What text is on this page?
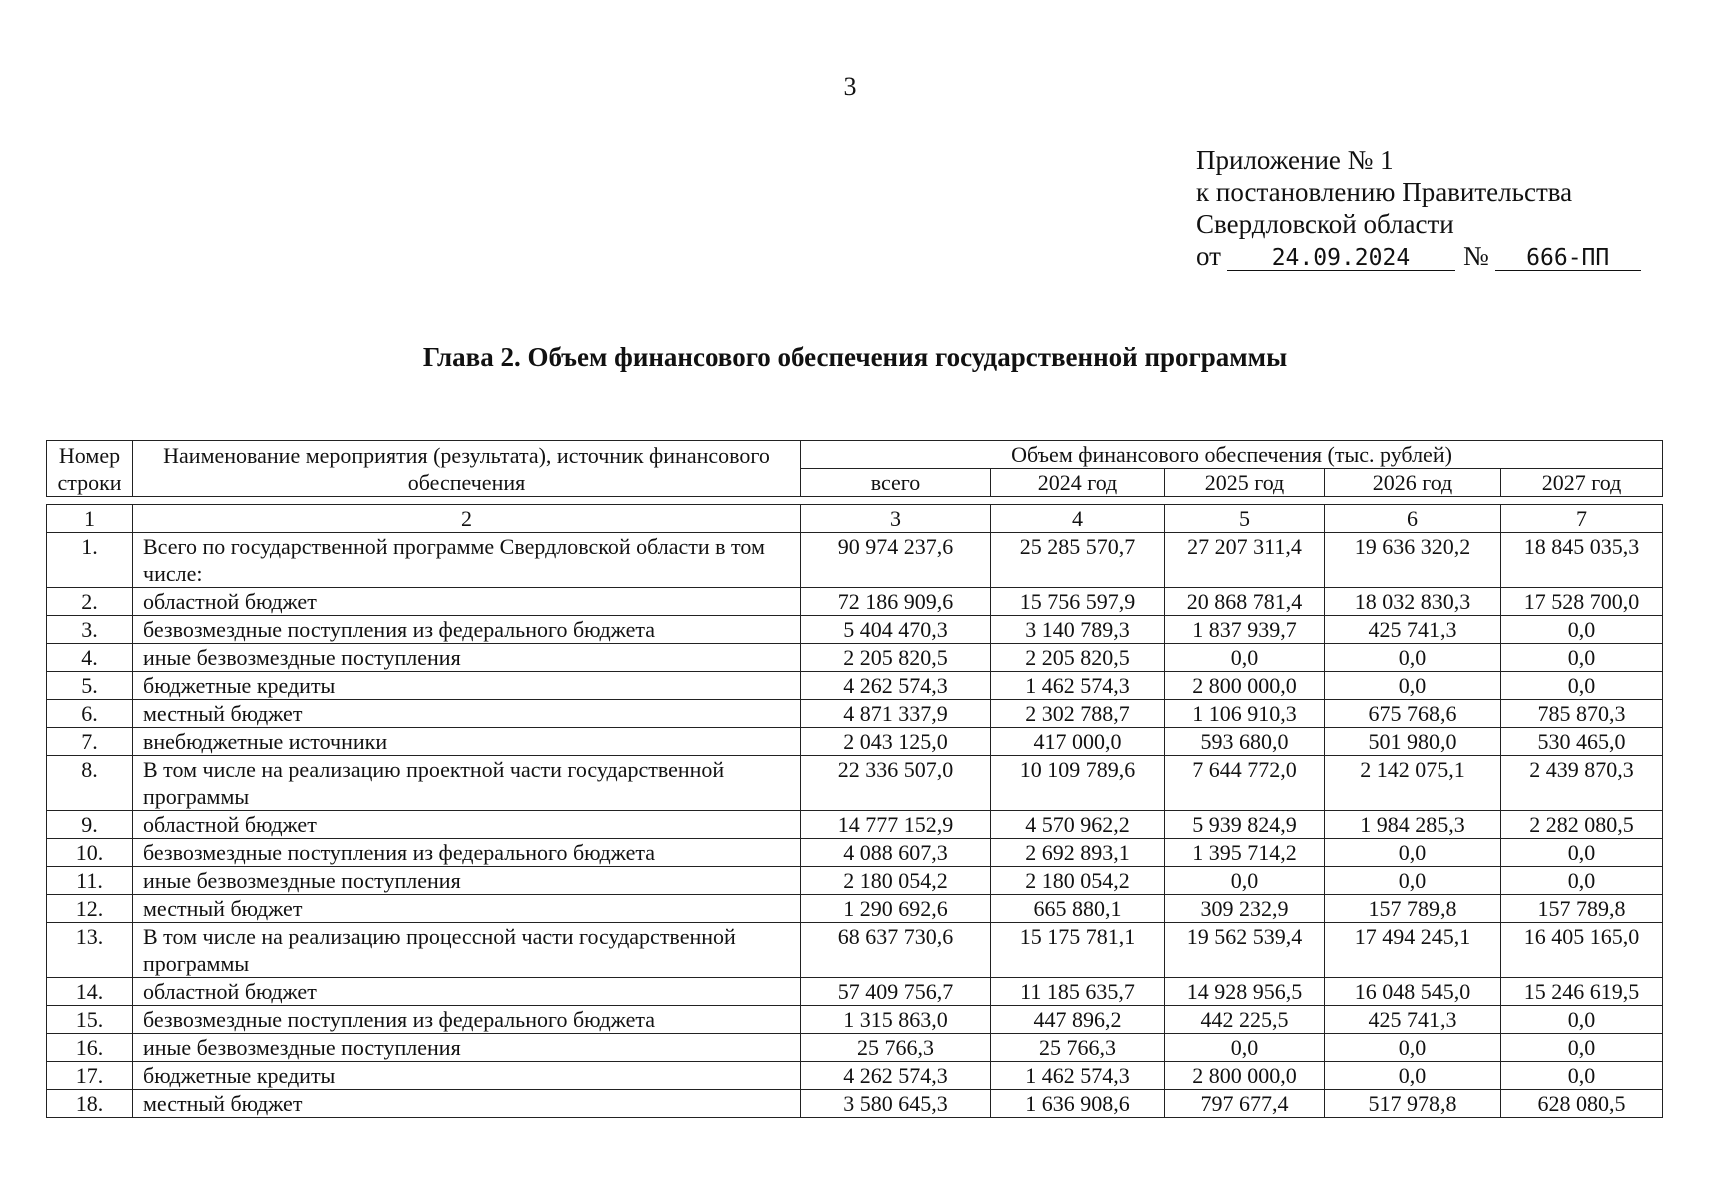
3
Приложение № 1
к постановлению Правительства
Свердловской области
от 24.09.2024 № 666-ПП
Глава 2. Объем финансового обеспечения государственной программы
Номер строки	Наименование мероприятия (результата), источник финансового обеспечения	Объем финансового обеспечения (тыс. рублей)				
		всего	2024 год	2025 год	2026 год	2027 год
1	2	3	4	5	6	7
1.	Всего по государственной программе Свердловской области в том числе:	90 974 237,6	25 285 570,7	27 207 311,4	19 636 320,2	18 845 035,3
2.	областной бюджет	72 186 909,6	15 756 597,9	20 868 781,4	18 032 830,3	17 528 700,0
3.	безвозмездные поступления из федерального бюджета	5 404 470,3	3 140 789,3	1 837 939,7	425 741,3	0,0
4.	иные безвозмездные поступления	2 205 820,5	2 205 820,5	0,0	0,0	0,0
5.	бюджетные кредиты	4 262 574,3	1 462 574,3	2 800 000,0	0,0	0,0
6.	местный бюджет	4 871 337,9	2 302 788,7	1 106 910,3	675 768,6	785 870,3
7.	внебюджетные источники	2 043 125,0	417 000,0	593 680,0	501 980,0	530 465,0
8.	В том числе на реализацию проектной части государственной программы	22 336 507,0	10 109 789,6	7 644 772,0	2 142 075,1	2 439 870,3
9.	областной бюджет	14 777 152,9	4 570 962,2	5 939 824,9	1 984 285,3	2 282 080,5
10.	безвозмездные поступления из федерального бюджета	4 088 607,3	2 692 893,1	1 395 714,2	0,0	0,0
11.	иные безвозмездные поступления	2 180 054,2	2 180 054,2	0,0	0,0	0,0
12.	местный бюджет	1 290 692,6	665 880,1	309 232,9	157 789,8	157 789,8
13.	В том числе на реализацию процессной части государственной программы	68 637 730,6	15 175 781,1	19 562 539,4	17 494 245,1	16 405 165,0
14.	областной бюджет	57 409 756,7	11 185 635,7	14 928 956,5	16 048 545,0	15 246 619,5
15.	безвозмездные поступления из федерального бюджета	1 315 863,0	447 896,2	442 225,5	425 741,3	0,0
16.	иные безвозмездные поступления	25 766,3	25 766,3	0,0	0,0	0,0
17.	бюджетные кредиты	4 262 574,3	1 462 574,3	2 800 000,0	0,0	0,0
18.	местный бюджет	3 580 645,3	1 636 908,6	797 677,4	517 978,8	628 080,5
